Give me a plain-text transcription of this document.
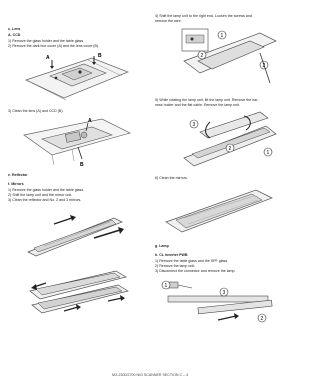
c. Lens
A. CCD
1) Remove the glass holder and the table glass.
2) Remove the dark box cover (A) and the lens cover (B).
A	B
3) Clean the lens (A) and CCD (B).
A
B
e. Reflector
f. Mirrors
1) Remove the glass holder and the table glass.
2) Shift the lamp unit and the mirror unit.
3) Clean the reflector and No. 2 and 3 mirrors.
4) Shift the lamp unit to the right end. Loosen the screws and
remove the wire.
2
1
2
5) While rotating the lamp unit, lift the lamp unit. Remove the har-
ness holder and the flat cable. Remove the lamp unit.
3
2
1
6) Clean the mirrors.
g. Lamp
h. CL inverter PWB
1) Remove the table glass and the SPF glass.
2) Remove the lamp unit.
3) Disconnect the connector and remove the lamp.
1
3
2
MX-2300/2700 N/G SCANNER SECTION C – 4
